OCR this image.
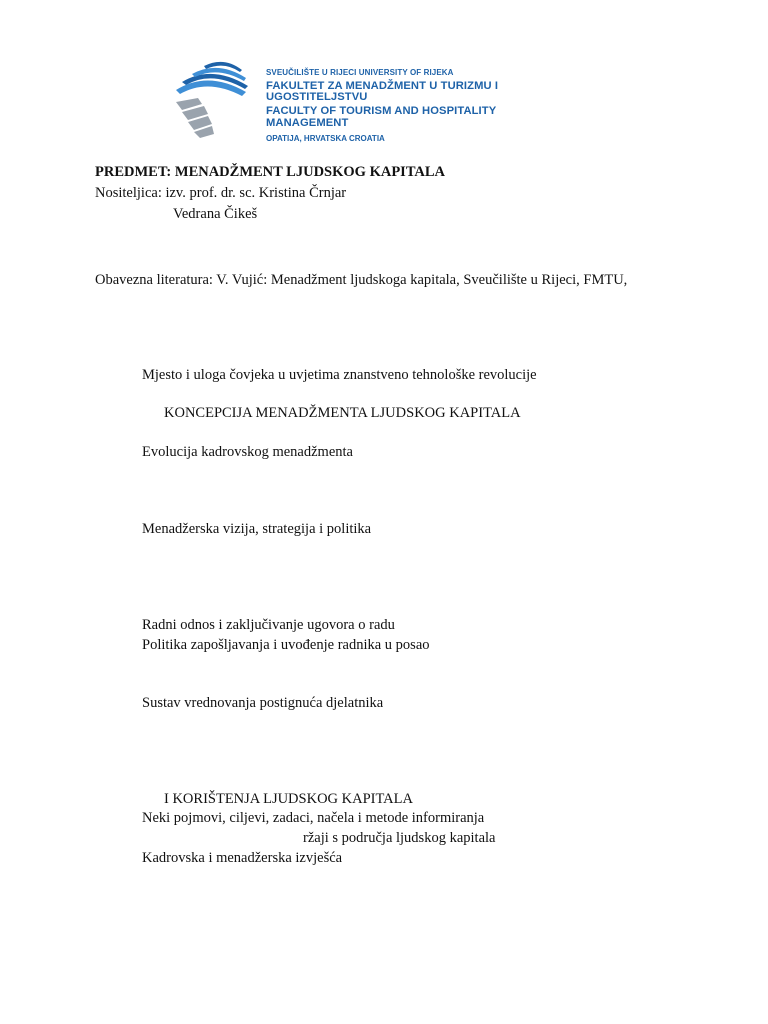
SVEUČILIŠTE U RIJECI UNIVERSITY OF RIJEKA
FAKULTET ZA MENADŽMENT U TURIZMU I UGOSTITELJSTVU
FACULTY OF TOURISM AND HOSPITALITY MANAGEMENT
OPATIJA, HRVATSKA CROATIA
PREDMET: MENADŽMENT LJUDSKOG KAPITALA
Nositeljica: izv. prof. dr. sc. Kristina Črnjar
Vedrana Čikeš
Obavezna literatura: V. Vujić: Menadžment ljudskoga kapitala, Sveučilište u Rijeci, FMTU,
Mjesto i uloga čovjeka u uvjetima znanstveno tehnološke revolucije
KONCEPCIJA MENADŽMENTA LJUDSKOG KAPITALA
Evolucija kadrovskog menadžmenta
Menadžerska vizija, strategija i politika
Radni odnos i zaključivanje ugovora o radu
Politika zapošljavanja i uvođenje radnika u posao
Sustav vrednovanja postignuća djelatnika
I KORIŠTENJA LJUDSKOG KAPITALA
Neki pojmovi, ciljevi, zadaci, načela i metode informiranja
ržaji s područja ljudskog kapitala
Kadrovska i menadžerska izvješća
